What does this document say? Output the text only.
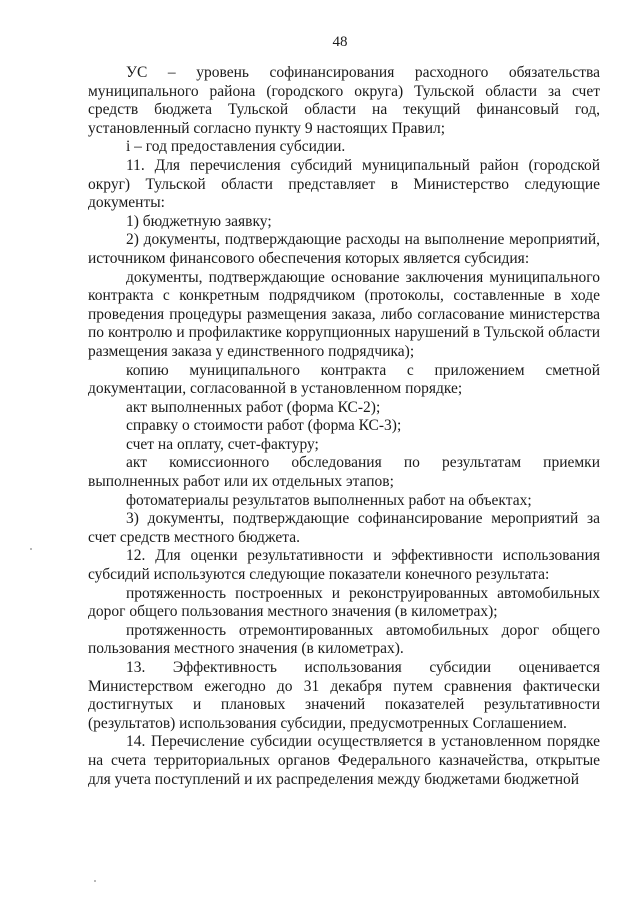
48

УС – уровень софинансирования расходного обязательства муниципального района (городского округа) Тульской области за счет средств бюджета Тульской области на текущий финансовый год, установленный согласно пункту 9 настоящих Правил;

i – год предоставления субсидии.

11. Для перечисления субсидий муниципальный район (городской округ) Тульской области представляет в Министерство следующие документы:

1) бюджетную заявку;

2) документы, подтверждающие расходы на выполнение мероприятий, источником финансового обеспечения которых является субсидия:

документы, подтверждающие основание заключения муниципального контракта с конкретным подрядчиком (протоколы, составленные в ходе проведения процедуры размещения заказа, либо согласование министерства по контролю и профилактике коррупционных нарушений в Тульской области размещения заказа у единственного подрядчика);

копию муниципального контракта с приложением сметной документации, согласованной в установленном порядке;

акт выполненных работ (форма КС-2);

справку о стоимости работ (форма КС-3);

счет на оплату, счет-фактуру;

акт комиссионного обследования по результатам приемки выполненных работ или их отдельных этапов;

фотоматериалы результатов выполненных работ на объектах;

3) документы, подтверждающие софинансирование мероприятий за счет средств местного бюджета.

12. Для оценки результативности и эффективности использования субсидий используются следующие показатели конечного результата:

протяженность построенных и реконструированных автомобильных дорог общего пользования местного значения (в километрах);

протяженность отремонтированных автомобильных дорог общего пользования местного значения (в километрах).

13. Эффективность использования субсидии оценивается Министерством ежегодно до 31 декабря путем сравнения фактически достигнутых и плановых значений показателей результативности (результатов) использования субсидии, предусмотренных Соглашением.

14. Перечисление субсидии осуществляется в установленном порядке на счета территориальных органов Федерального казначейства, открытые для учета поступлений и их распределения между бюджетами бюджетной
